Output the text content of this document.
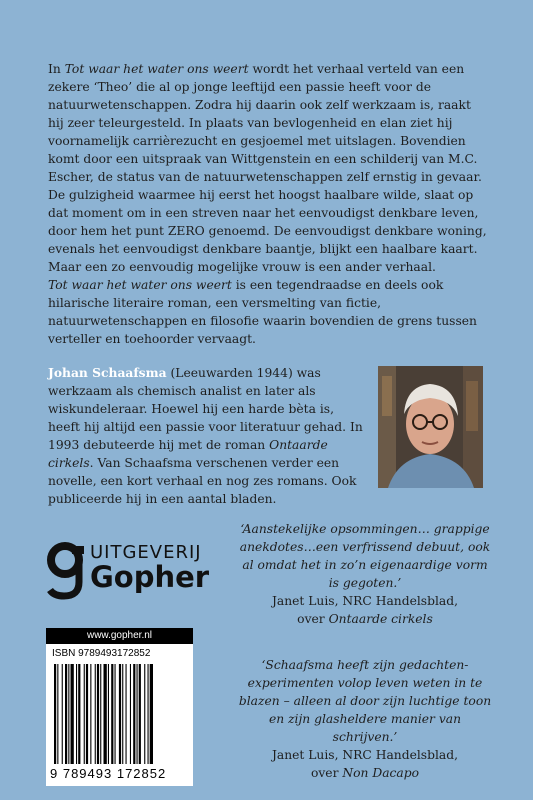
In Tot waar het water ons weert wordt het verhaal verteld van een zekere ‘Theo’ die al op jonge leeftijd een passie heeft voor de natuurwetenschappen. Zodra hij daarin ook zelf werkzaam is, raakt hij zeer teleurgesteld. In plaats van bevlogenheid en elan ziet hij voornamelijk carrièrezucht en gesjoemel met uitslagen. Bovendien komt door een uitspraak van Wittgenstein en een schilderij van M.C. Escher, de status van de natuurwetenschappen zelf ernstig in gevaar.

De gulzigheid waarmee hij eerst het hoogst haalbare wilde, slaat op dat moment om in een streven naar het eenvoudigst denkbare leven, door hem het punt ZERO genoemd. De eenvoudigst denkbare woning, evenals het eenvoudigst denkbare baantje, blijkt een haalbare kaart. Maar een zo eenvoudig mogelijke vrouw is een ander verhaal.

Tot waar het water ons weert is een tegendraadse en deels ook hilarische literaire roman, een versmelting van fictie, natuurwetenschappen en filosofie waarin bovendien de grens tussen verteller en toehoorder vervaagt.

Johan Schaafsma (Leeuwarden 1944) was werkzaam als chemisch analist en later als wiskundeleraar. Hoewel hij een harde bèta is, heeft hij altijd een passie voor literatuur gehad. In 1993 debuteerde hij met de roman Ontaarde cirkels. Van Schaafsma verschenen verder een novelle, een kort verhaal en nog zes romans. Ook publiceerde hij in een aantal bladen.
UITGEVERIJ
Gopher

‘Aanstekelijke opsommingen… grappige anekdotes…een verfrissend debuut, ook al omdat het in zo’n eigenaardige vorm is gegoten.’

Janet Luis, NRC Handelsblad,

over Ontaarde cirkels

‘Schaafsma heeft zijn gedachten-experimenten volop leven weten in te blazen – alleen al door zijn luchtige toon en zijn glasheldere manier van schrijven.’

Janet Luis, NRC Handelsblad,

over Non Dacapo

www.gopher.nl
ISBN 9789493172852
9 789493 172852
